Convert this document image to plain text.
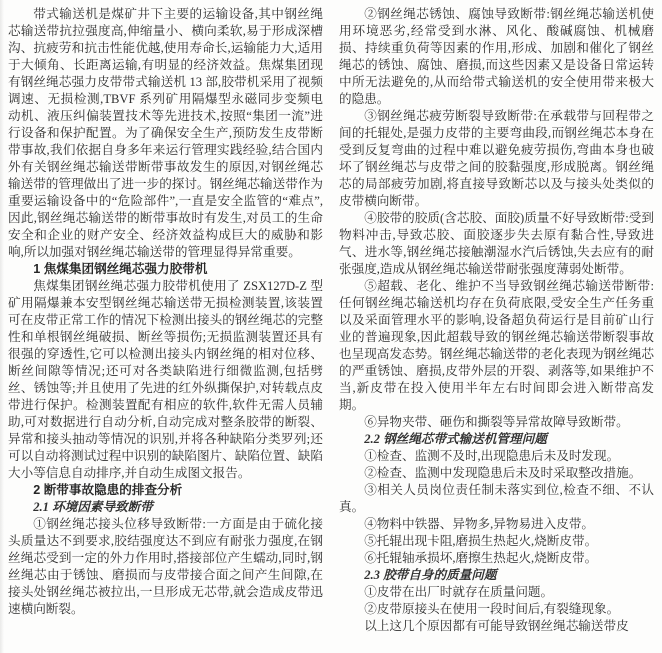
带式输送机是煤矿井下主要的运输设备,其中钢丝绳芯输送带抗拉强度高,伸缩量小、横向柔软,易于形成深槽沟、抗疲劳和抗击性能优越,使用寿命长,运输能力大,适用于大倾角、长距离运输,有明显的经济效益。焦煤集团现有钢丝绳芯强力皮带带式输送机 13 部,胶带机采用了视频调速、无损检测,TBVF 系列矿用隔爆型永磁同步变频电动机、液压纠偏装置技术等先进技术,按照“集团一流”进行设备和保护配置。为了确保安全生产,预防发生皮带断带事故,我们依据自身多年来运行管理实践经验,结合国内外有关钢丝绳芯输送带断带事故发生的原因,对钢丝绳芯输送带的管理做出了进一步的探讨。钢丝绳芯输送带作为重要运输设备中的“危险部件”,一直是安全监管的“难点”,因此,钢丝绳芯输送带的断带事故时有发生,对员工的生命安全和企业的财产安全、经济效益构成巨大的威胁和影响,所以加强对钢丝绳芯输送带的管理显得异常重要。

1 焦煤集团钢丝绳芯强力胶带机

焦煤集团钢丝绳芯强力胶带机使用了 ZSX127D-Z 型矿用隔爆兼本安型钢丝绳芯输送带无损检测装置,该装置可在皮带正常工作的情况下检测出接头的钢丝绳芯的完整性和单根钢丝绳破损、断丝等损伤;无损监测装置还具有很强的穿透性,它可以检测出接头内钢丝绳的相对位移、断丝间隙等情况;还可对各类缺陷进行细微监测,包括劈丝、锈蚀等;并且使用了先进的红外纵撕保护,对转载点皮带进行保护。检测装置配有相应的软件,软件无需人员辅助,可对数据进行自动分析,自动完成对整条胶带的断裂、异常和接头抽动等情况的识别,并将各种缺陷分类罗列;还可以自动将测试过程中识别的缺陷图片、缺陷位置、缺陷大小等信息自动排序,并自动生成图文报告。

2 断带事故隐患的排查分析
2.1 环境因素导致断带

①钢丝绳芯接头位移导致断带:一方面是由于硫化接头质量达不到要求,胶结强度达不到应有耐张力强度,在钢丝绳芯受到一定的外力作用时,搭接部位产生蠕动,同时,钢丝绳芯由于锈蚀、磨损而与皮带接合面之间产生间隙,在接头处钢丝绳芯被拉出,一旦形成无芯带,就会造成皮带迅速横向断裂。

②钢丝绳芯锈蚀、腐蚀导致断带:钢丝绳芯输送机使用环境恶劣,经常受到水淋、风化、酸碱腐蚀、机械磨损、持续重负荷等因素的作用,形成、加剧和催化了钢丝绳芯的锈蚀、腐蚀、磨损,而这些因素又是设备日常运转中所无法避免的,从而给带式输送机的安全使用带来极大的隐患。

③钢丝绳芯疲劳断裂导致断带:在承载带与回程带之间的托辊处,是强力皮带的主要弯曲段,而钢丝绳芯本身在受到反复弯曲的过程中难以避免疲劳损伤,弯曲本身也破坏了钢丝绳芯与皮带之间的胶黏强度,形成脱离。钢丝绳芯的局部疲劳加剧,将直接导致断芯以及与接头处类似的皮带横向断带。

④胶带的胶质(含芯胶、面胶)质量不好导致断带:受到物料冲击,导致芯胶、面胶逐步失去原有黏合性,导致进气、进水等,钢丝绳芯接触潮湿水汽后锈蚀,失去应有的耐张强度,造成从钢丝绳芯输送带耐张强度薄弱处断带。

⑤超载、老化、维护不当导致钢丝绳芯输送带断带:任何钢丝绳芯输送机均存在负荷底限,受安全生产任务重以及采面管理水平的影响,设备超负荷运行是目前矿山行业的普遍现象,因此超载导致的钢丝绳芯输送带断裂事故也呈现高发态势。钢丝绳芯输送带的老化表现为钢丝绳芯的严重锈蚀、磨损,皮带外层的开裂、剥落等,如果维护不当,新皮带在投入使用半年左右时间即会进入断带高发期。

⑥异物夹带、砸伤和撕裂等异常故障导致断带。

2.2 钢丝绳芯带式输送机管理问题

①检查、监测不及时,出现隐患后未及时发现。

②检查、监测中发现隐患后未及时采取整改措施。

③相关人员岗位责任制未落实到位,检查不细、不认真。

④物料中铁器、异物多,异物易进入皮带。

⑤托辊出现卡阻,磨损生热起火,烧断皮带。

⑥托辊轴承损坏,磨擦生热起火,烧断皮带。

2.3 胶带自身的质量问题

①皮带在出厂时就存在质量问题。

②皮带原接头在使用一段时间后,有裂缝现象。

以上这几个原因都有可能导致钢丝绳芯输送带皮
